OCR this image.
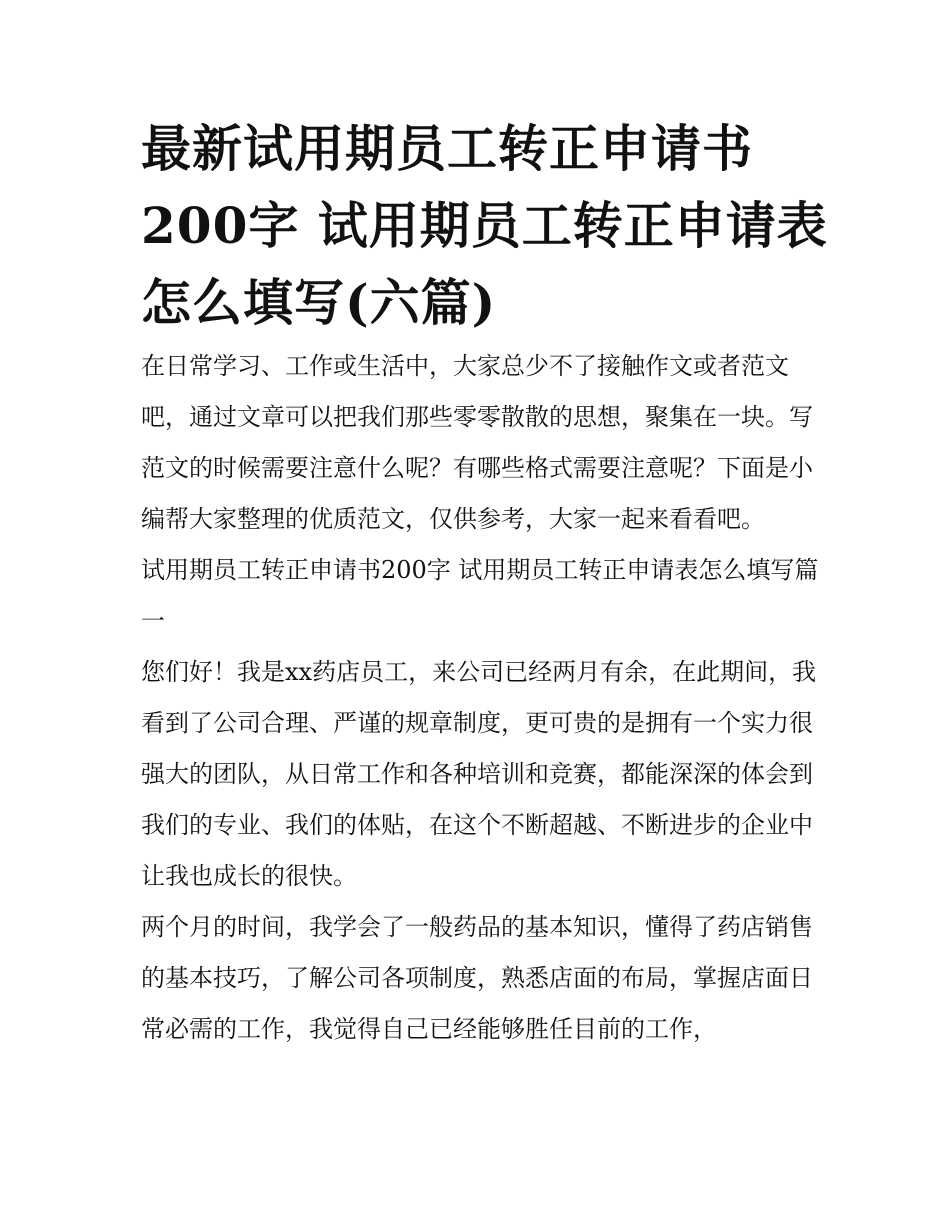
最新试用期员工转正申请书200字 试用期员工转正申请表怎么填写(六篇)

在日常学习、工作或生活中，大家总少不了接触作文或者范文吧，通过文章可以把我们那些零零散散的思想，聚集在一块。写范文的时候需要注意什么呢？有哪些格式需要注意呢？下面是小编帮大家整理的优质范文，仅供参考，大家一起来看看吧。

试用期员工转正申请书200字 试用期员工转正申请表怎么填写篇一

您们好！我是xx药店员工，来公司已经两月有余，在此期间，我看到了公司合理、严谨的规章制度，更可贵的是拥有一个实力很强大的团队，从日常工作和各种培训和竞赛，都能深深的体会到我们的专业、我们的体贴，在这个不断超越、不断进步的企业中让我也成长的很快。

两个月的时间，我学会了一般药品的基本知识，懂得了药店销售的基本技巧，了解公司各项制度，熟悉店面的布局，掌握店面日常必需的工作，我觉得自己已经能够胜任目前的工作，
